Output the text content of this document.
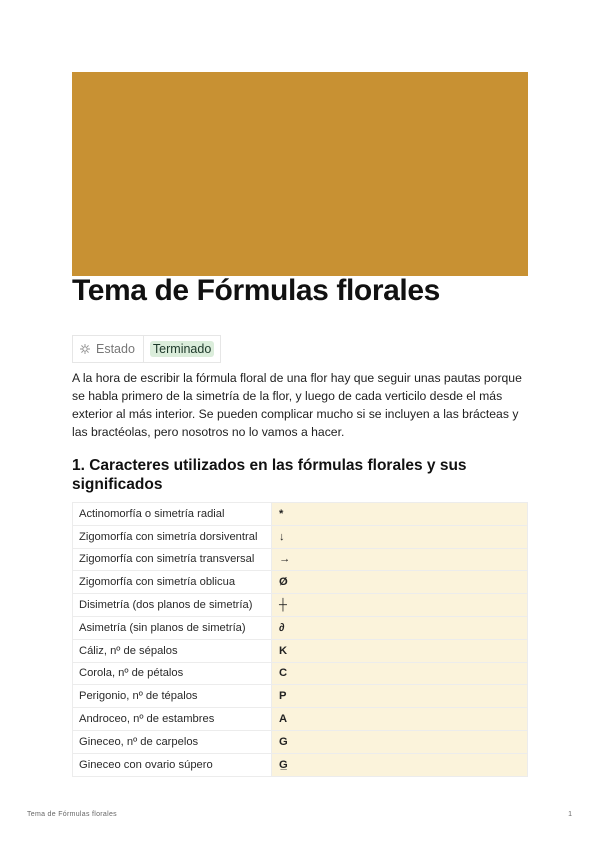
Tema de Fórmulas florales
Estado Terminado

A la hora de escribir la fórmula floral de una flor hay que seguir unas pautas porque se habla primero de la simetría de la flor, y luego de cada verticilo desde el más exterior al más interior. Se pueden complicar mucho si se incluyen a las brácteas y las bractéolas, pero nosotros no lo vamos a hacer.

1. Caracteres utilizados en las fórmulas florales y sus significados
Actinomorfía o simetría radial	*
Zigomorfía con simetría dorsiventral	↓
Zigomorfía con simetría transversal	→
Zigomorfía con simetría oblicua	Ø
Disimetría (dos planos de simetría)	┼
Asimetría (sin planos de simetría)	∂
Cáliz, nº de sépalos	K
Corola, nº de pétalos	C
Perigonio, nº de tépalos	P
Androceo, nº de estambres	A
Gineceo, nº de carpelos	G
Gineceo con ovario súpero	G̲
Tema de Fórmulas florales	1
